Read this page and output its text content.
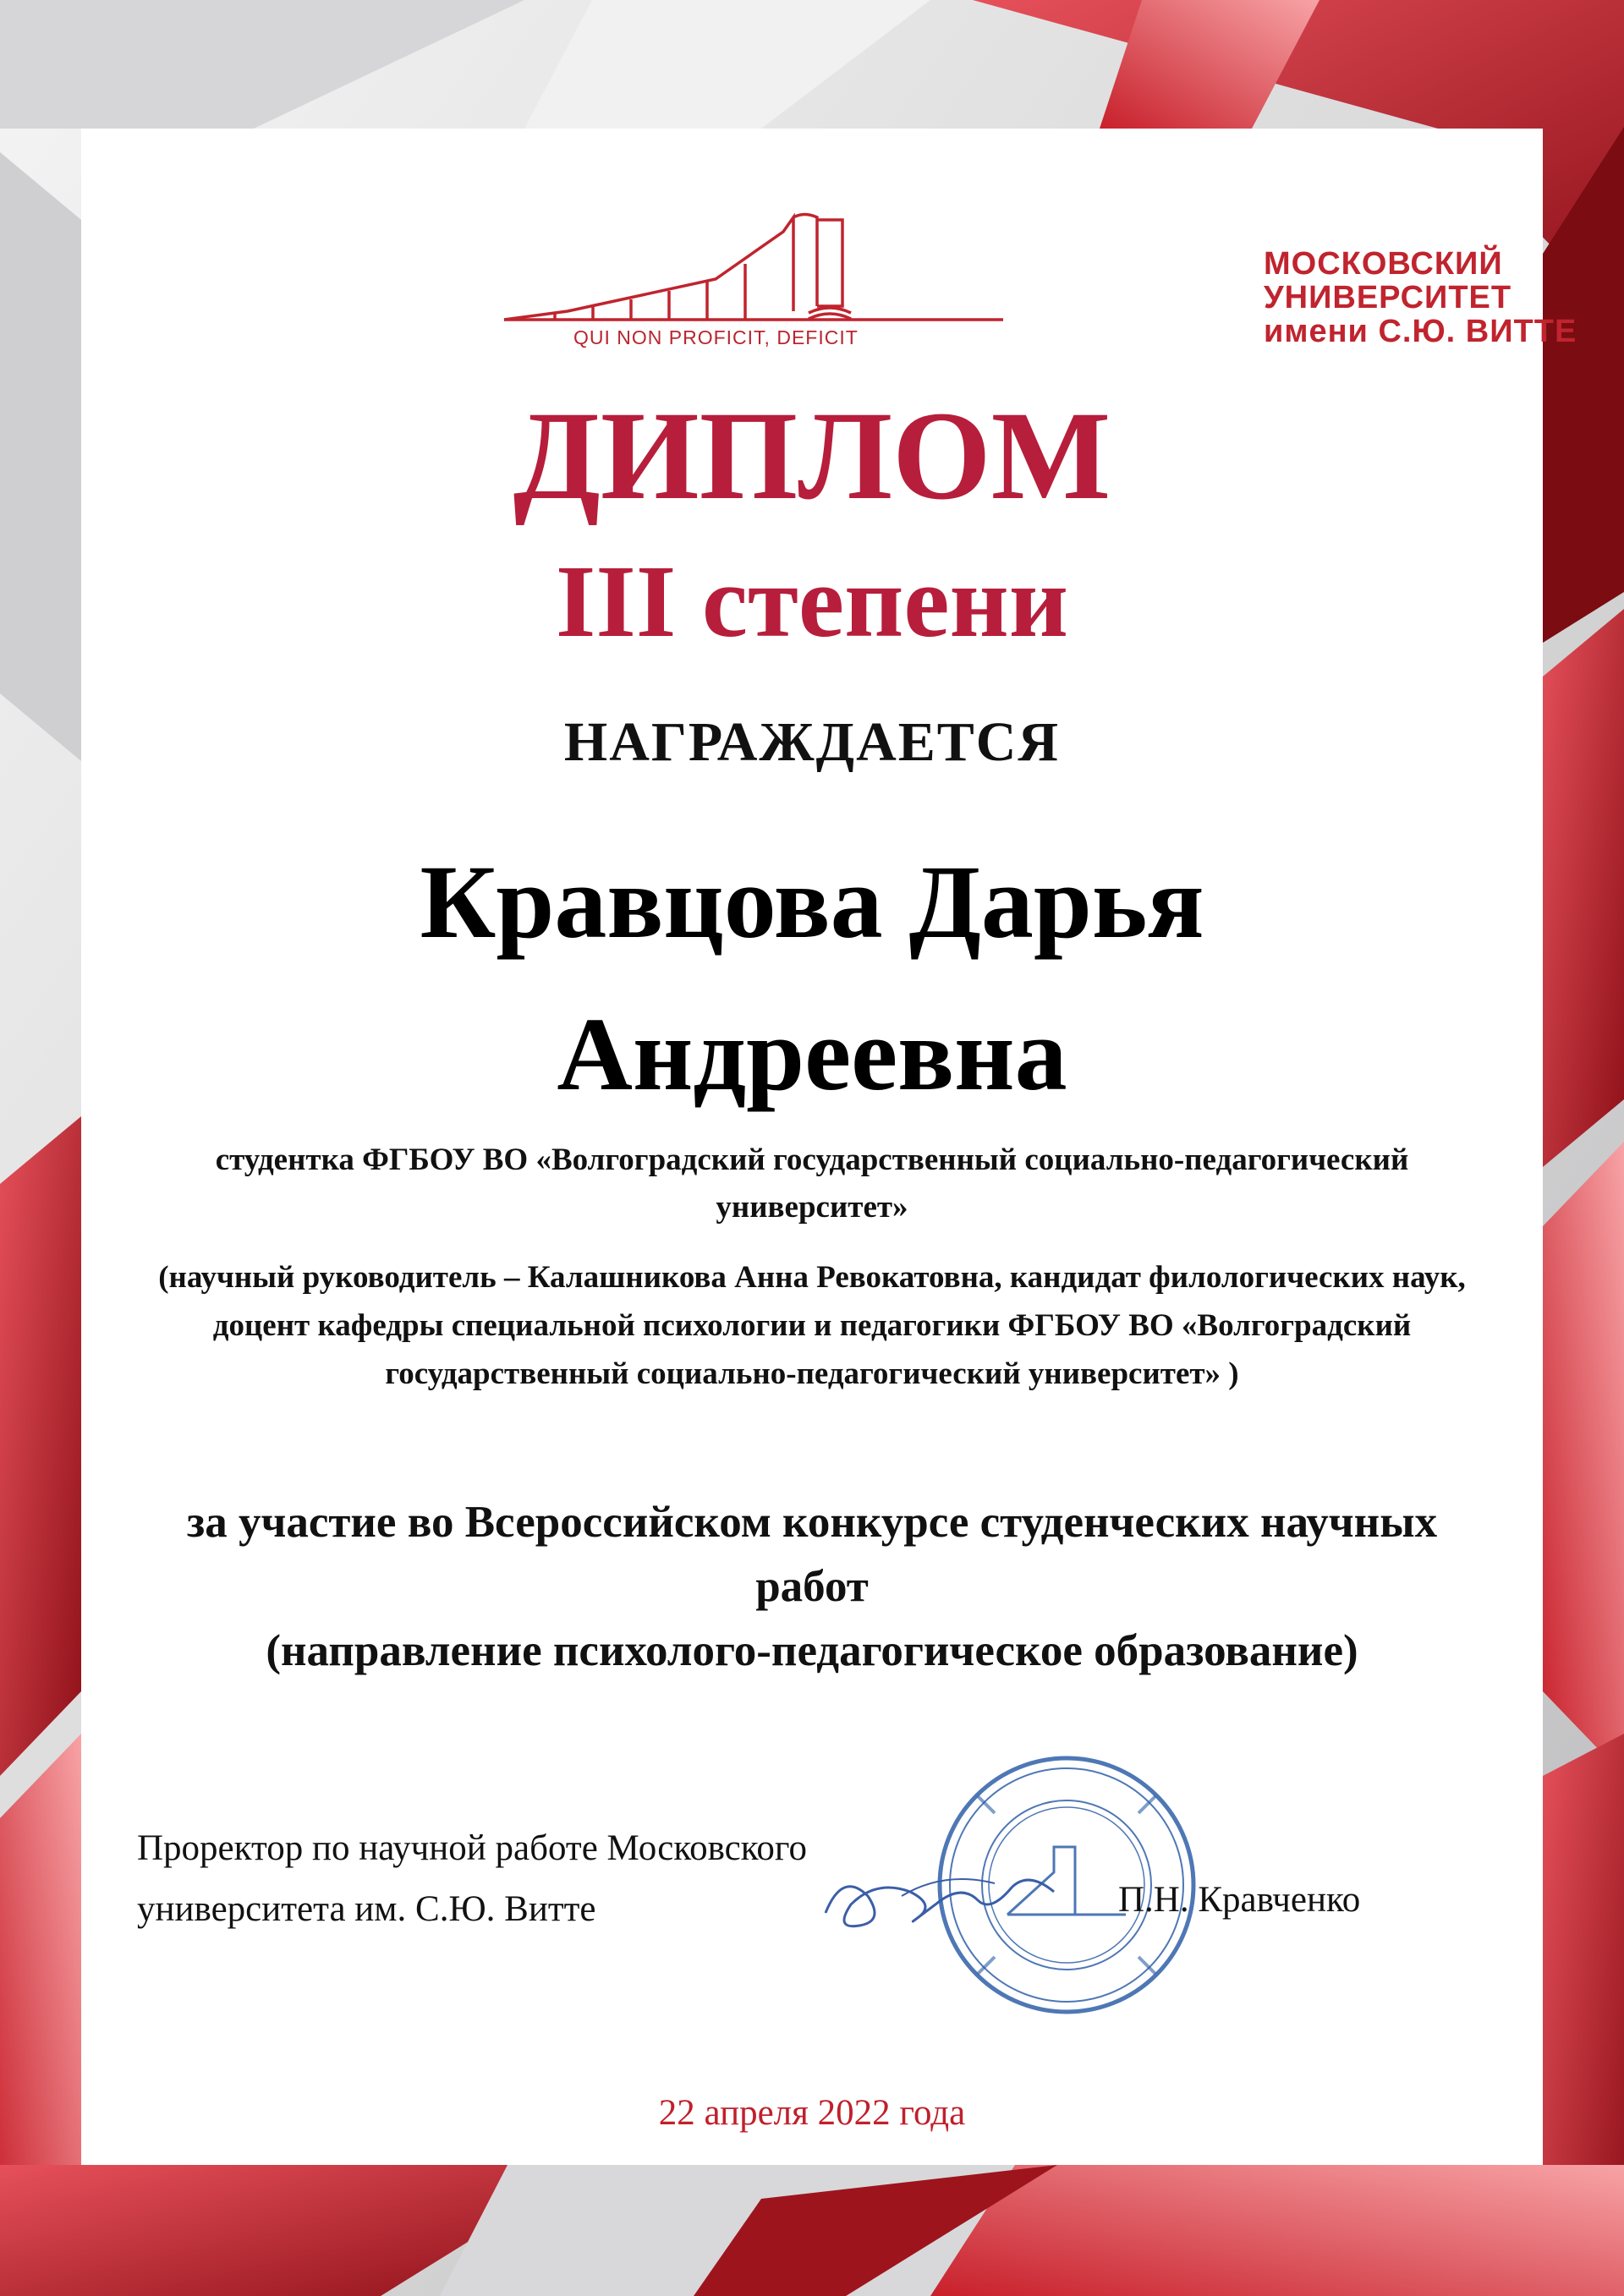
QUI NON PROFICIT, DEFICIT
МОСКОВСКИЙ
УНИВЕРСИТЕТ
имени С.Ю. ВИТТЕ
ДИПЛОМ
III степени
НАГРАЖДАЕТСЯ
Кравцова Дарья
Андреевна
студентка ФГБОУ ВО «Волгоградский государственный социально-педагогический университет»
(научный руководитель – Калашникова Анна Ревокатовна, кандидат филологических наук, доцент кафедры специальной психологии и педагогики ФГБОУ ВО «Волгоградский государственный социально-педагогический университет» )
за участие во Всероссийском конкурсе студенческих научных работ
(направление психолого-педагогическое образование)
Проректор по научной работе Московского
университета им. С.Ю. Витте	П.Н. Кравченко
22 апреля 2022 года
